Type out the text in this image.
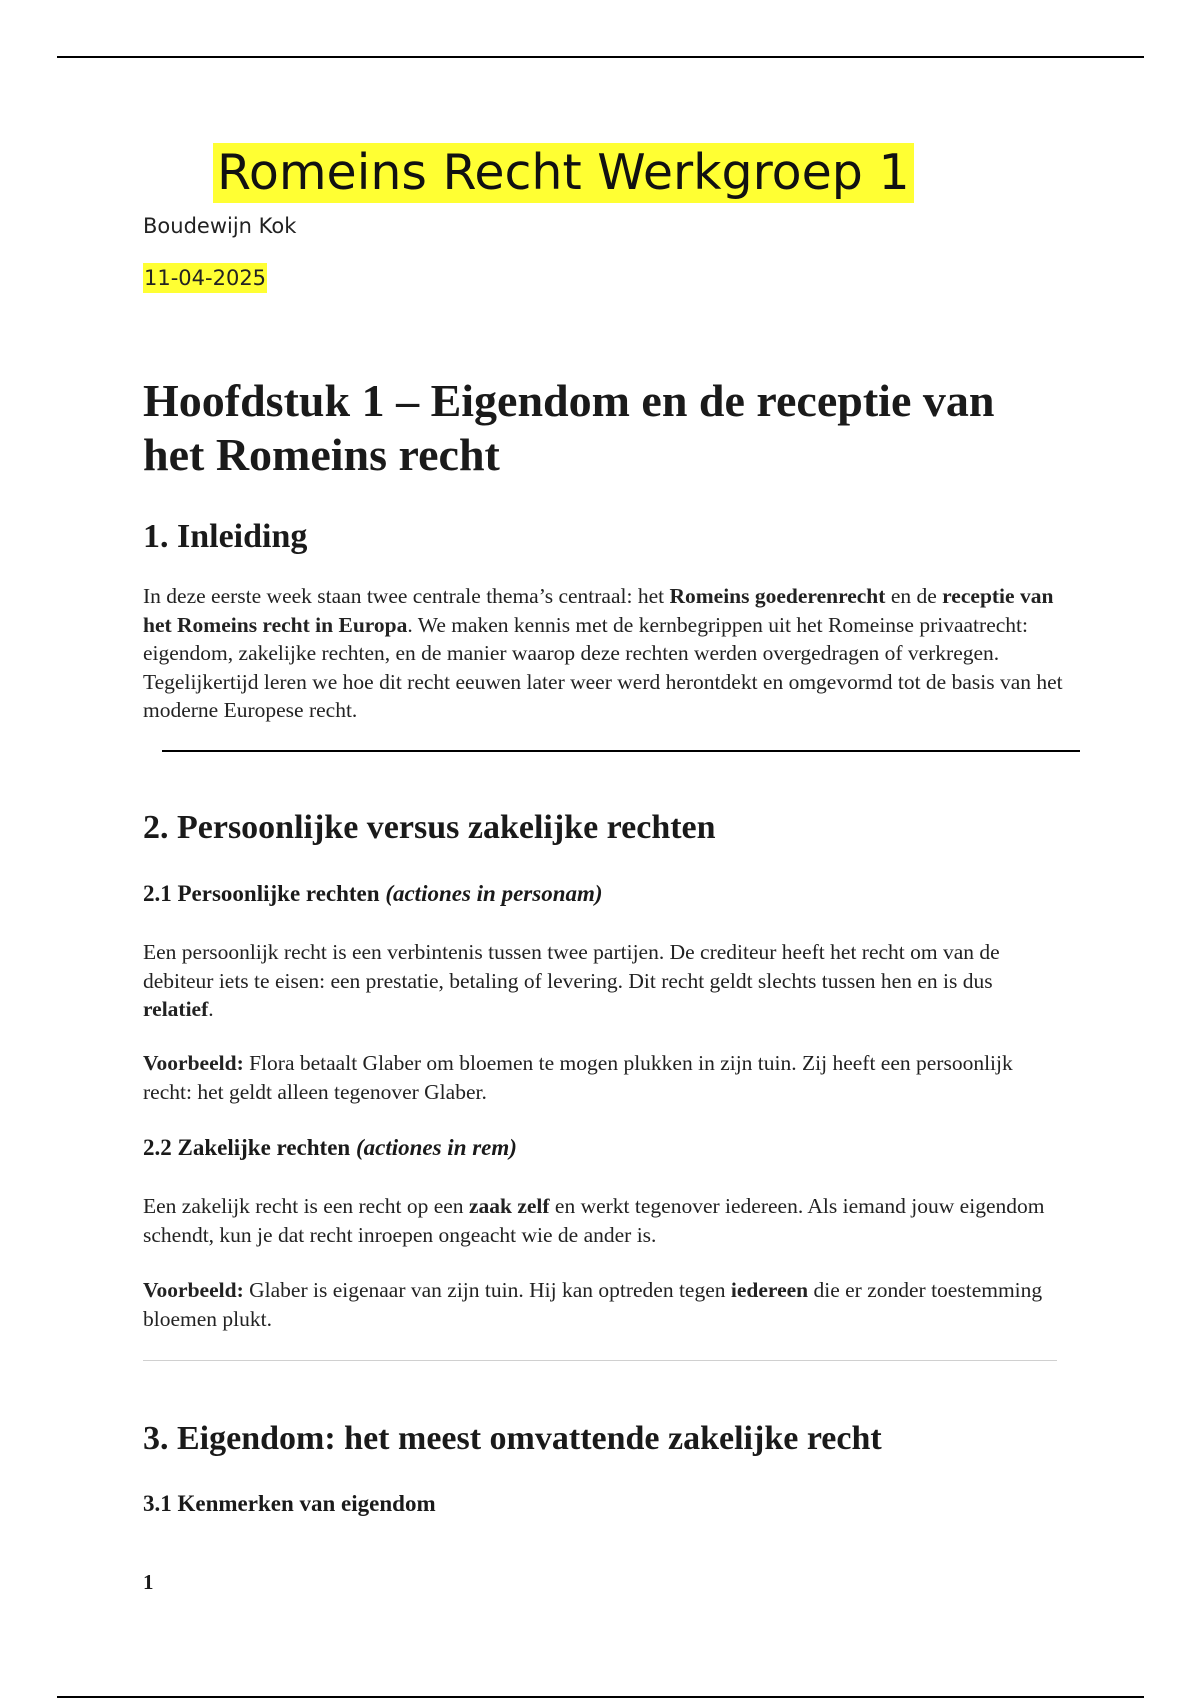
Romeins Recht Werkgroep 1
Boudewijn Kok
11-04-2025
Hoofdstuk 1 – Eigendom en de receptie van het Romeins recht
1. Inleiding

In deze eerste week staan twee centrale thema’s centraal: het Romeins goederenrecht en de receptie van het Romeins recht in Europa. We maken kennis met de kernbegrippen uit het Romeinse privaatrecht: eigendom, zakelijke rechten, en de manier waarop deze rechten werden overgedragen of verkregen. Tegelijkertijd leren we hoe dit recht eeuwen later weer werd herontdekt en omgevormd tot de basis van het moderne Europese recht.

2. Persoonlijke versus zakelijke rechten
2.1 Persoonlijke rechten (actiones in personam)

Een persoonlijk recht is een verbintenis tussen twee partijen. De crediteur heeft het recht om van de debiteur iets te eisen: een prestatie, betaling of levering. Dit recht geldt slechts tussen hen en is dus relatief.

Voorbeeld: Flora betaalt Glaber om bloemen te mogen plukken in zijn tuin. Zij heeft een persoonlijk recht: het geldt alleen tegenover Glaber.

2.2 Zakelijke rechten (actiones in rem)

Een zakelijk recht is een recht op een zaak zelf en werkt tegenover iedereen. Als iemand jouw eigendom schendt, kun je dat recht inroepen ongeacht wie de ander is.

Voorbeeld: Glaber is eigenaar van zijn tuin. Hij kan optreden tegen iedereen die er zonder toestemming bloemen plukt.

3. Eigendom: het meest omvattende zakelijke recht
3.1 Kenmerken van eigendom
1
